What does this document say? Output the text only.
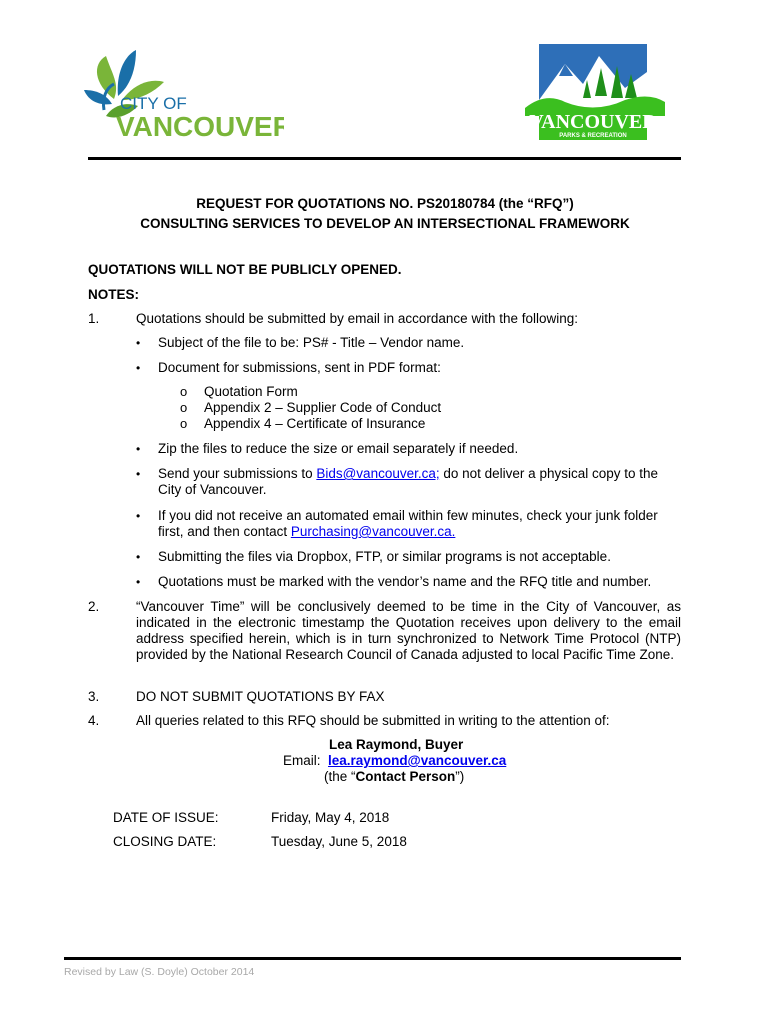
CITY OF
VANCOUVER	VANCOUVER
PARKS & RECREATION
REQUEST FOR QUOTATIONS NO. PS20180784 (the “RFQ”)
CONSULTING SERVICES TO DEVELOP AN INTERSECTIONAL FRAMEWORK
QUOTATIONS WILL NOT BE PUBLICLY OPENED.
NOTES:
1.	Quotations should be submitted by email in accordance with the following:
• Subject of the file to be: PS# - Title – Vendor name.
• Document for submissions, sent in PDF format:
o Quotation Form
o Appendix 2 – Supplier Code of Conduct
o Appendix 4 – Certificate of Insurance
• Zip the files to reduce the size or email separately if needed.
• Send your submissions to Bids@vancouver.ca; do not deliver a physical copy to the
City of Vancouver.
• If you did not receive an automated email within few minutes, check your junk folder
first, and then contact Purchasing@vancouver.ca.
• Submitting the files via Dropbox, FTP, or similar programs is not acceptable.
• Quotations must be marked with the vendor’s name and the RFQ title and number.
2.	“Vancouver Time” will be conclusively deemed to be time in the City of Vancouver, as indicated in the electronic timestamp the Quotation receives upon delivery to the email address specified herein, which is in turn synchronized to Network Time Protocol (NTP) provided by the National Research Council of Canada adjusted to local Pacific Time Zone.
3.	DO NOT SUBMIT QUOTATIONS BY FAX
4.	All queries related to this RFQ should be submitted in writing to the attention of:
Lea Raymond, Buyer
Email: lea.raymond@vancouver.ca
(the “Contact Person”)
DATE OF ISSUE:	Friday, May 4, 2018
CLOSING DATE:	Tuesday, June 5, 2018
Revised by Law (S. Doyle) October 2014
